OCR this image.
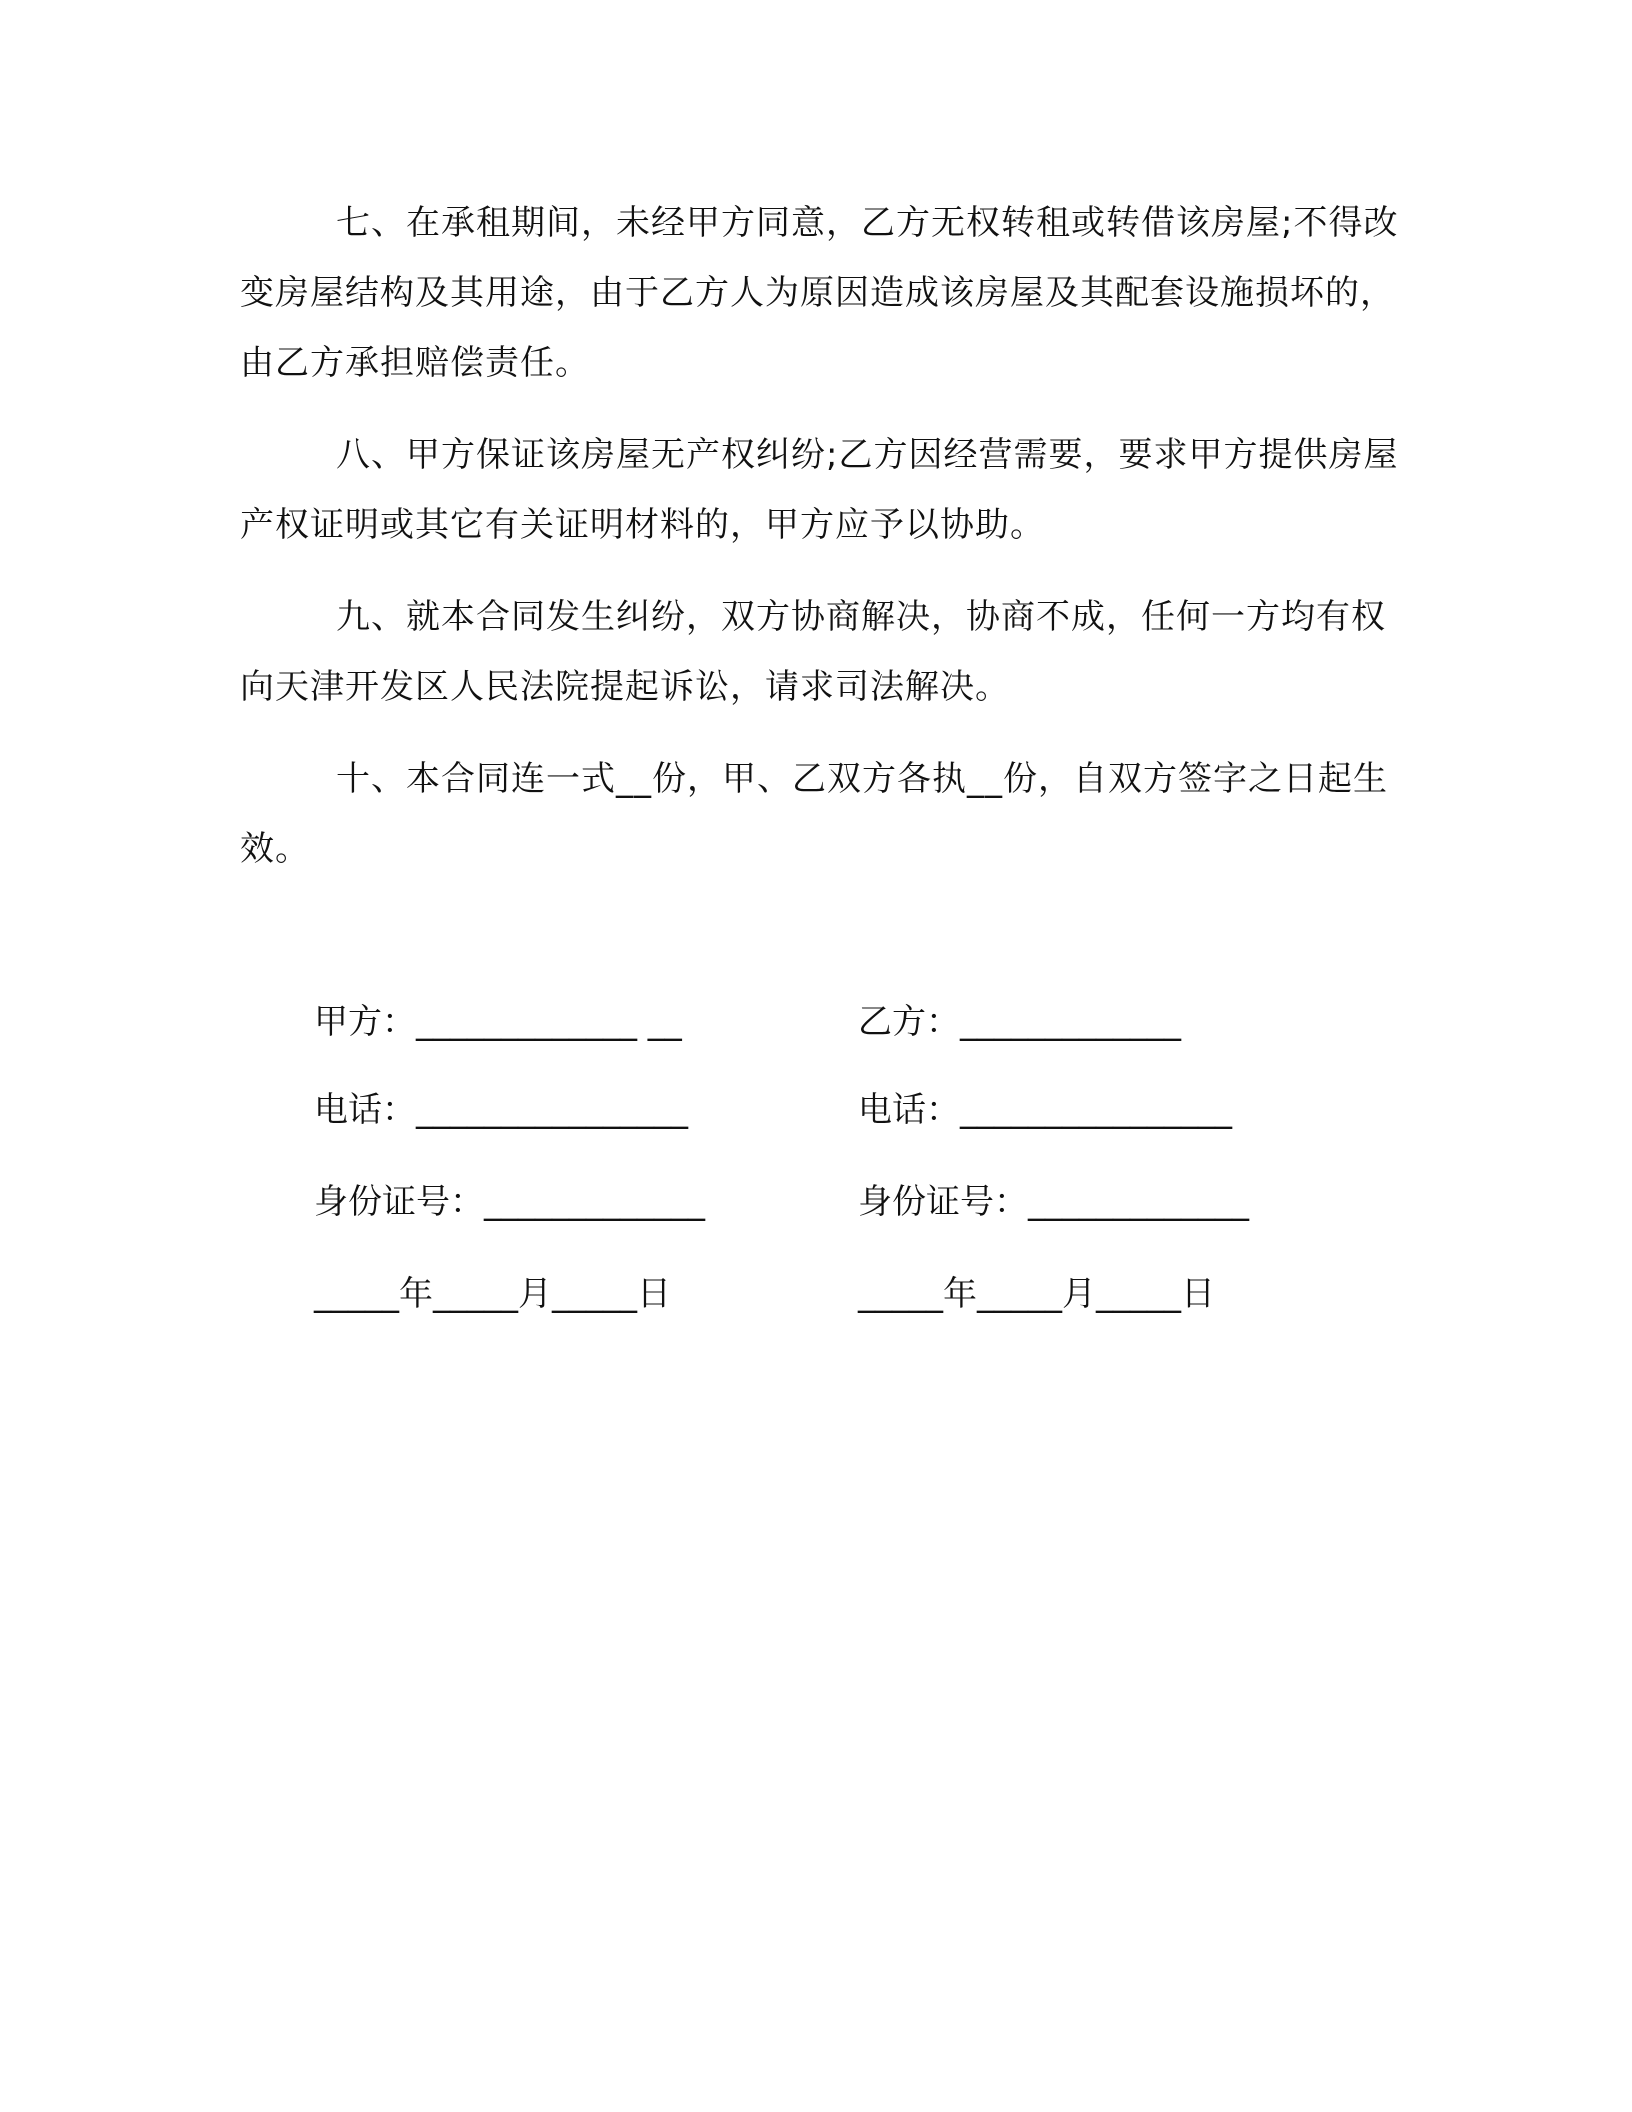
七、在承租期间，未经甲方同意，乙方无权转租或转借该房屋;不得改变房屋结构及其用途，由于乙方人为原因造成该房屋及其配套设施损坏的，由乙方承担赔偿责任。

八、甲方保证该房屋无产权纠纷;乙方因经营需要，要求甲方提供房屋产权证明或其它有关证明材料的，甲方应予以协助。

九、就本合同发生纠纷，双方协商解决，协商不成，任何一方均有权向天津开发区人民法院提起诉讼，请求司法解决。

十、本合同连一式__份，甲、乙双方各执__份，自双方签字之日起生效。

甲方：_____________ __	乙方：_____________
电话：________________	电话：________________
身份证号：_____________	身份证号：_____________
_____年_____月_____日	_____年_____月_____日
